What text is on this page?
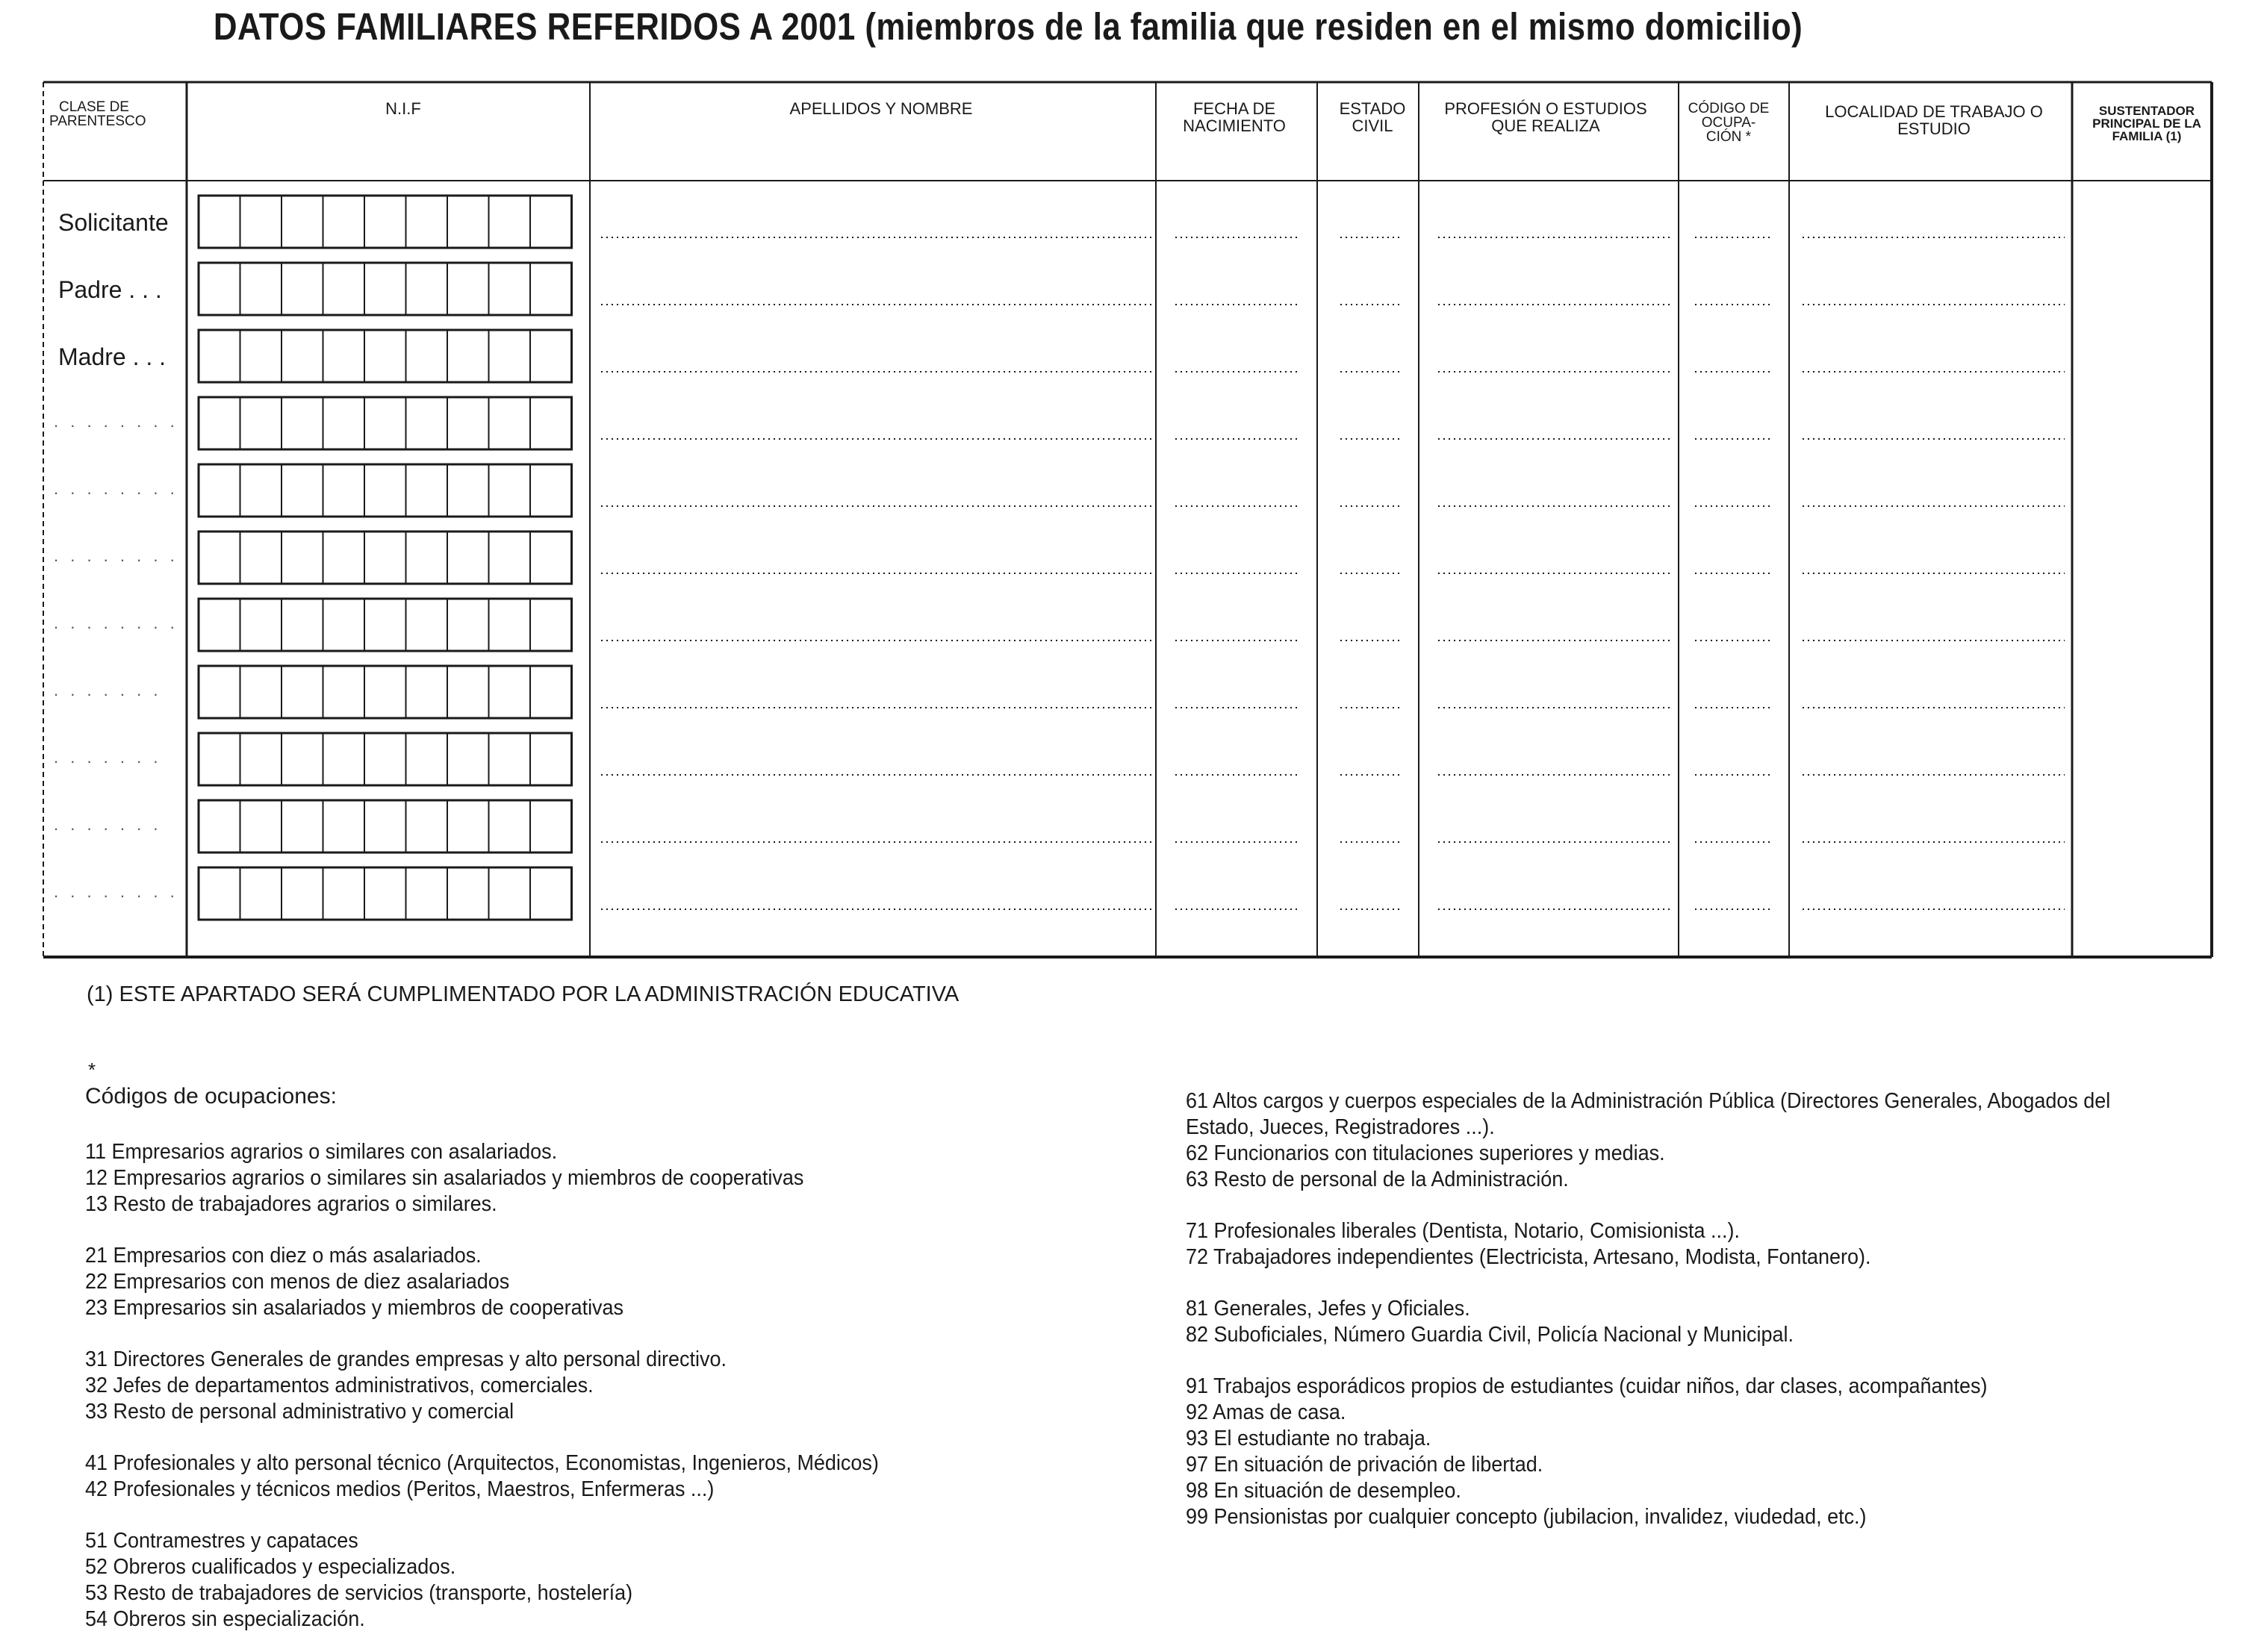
DATOS FAMILIARES REFERIDOS A 2001 (miembros de la familia que residen en el mismo domicilio)
CLASE DE PARENTESCO
N.I.F	APELLIDOS Y NOMBRE	FECHA DE NACIMIENTO
ESTADO CIVIL
PROFESIÓN O ESTUDIOS QUE REALIZA
CÓDIGO DE OCUPA- CIÓN *
LOCALIDAD DE TRABAJO O ESTUDIO
SUSTENTADOR PRINCIPAL DE LA FAMILIA (1)
Solicitante
Padre . . .
Madre . . .
. . . . . . . .
. . . . . . . .
. . . . . . . .
. . . . . . . .
. . . . . . .
. . . . . . .
. . . . . . .
. . . . . . . .
(1) ESTE APARTADO SERÁ CUMPLIMENTADO POR LA ADMINISTRACIÓN EDUCATIVA
*
Códigos de ocupaciones:
11 Empresarios agrarios o similares con asalariados.
12 Empresarios agrarios o similares sin asalariados y miembros de cooperativas
13 Resto de trabajadores agrarios o similares.
21 Empresarios con diez o más asalariados.
22 Empresarios con menos de diez asalariados
23 Empresarios sin asalariados y miembros de cooperativas
31 Directores Generales de grandes empresas y alto personal directivo.
32 Jefes de departamentos administrativos, comerciales.
33 Resto de personal administrativo y comercial
41 Profesionales y alto personal técnico (Arquitectos, Economistas, Ingenieros, Médicos)
42 Profesionales y técnicos medios (Peritos, Maestros, Enfermeras ...)
51 Contramestres y capataces
52 Obreros cualificados y especializados.
53 Resto de trabajadores de servicios (transporte, hostelería)
54 Obreros sin especialización.
61 Altos cargos y cuerpos especiales de la Administración Pública (Directores Generales, Abogados del
Estado, Jueces, Registradores ...).
62 Funcionarios con titulaciones superiores y medias.
63 Resto de personal de la Administración.
71 Profesionales liberales (Dentista, Notario, Comisionista ...).
72 Trabajadores independientes (Electricista, Artesano, Modista, Fontanero).
81 Generales, Jefes y Oficiales.
82 Suboficiales, Número Guardia Civil, Policía Nacional y Municipal.
91 Trabajos esporádicos propios de estudiantes (cuidar niños, dar clases, acompañantes)
92 Amas de casa.
93 El estudiante no trabaja.
97 En situación de privación de libertad.
98 En situación de desempleo.
99 Pensionistas por cualquier concepto (jubilacion, invalidez, viudedad, etc.)
